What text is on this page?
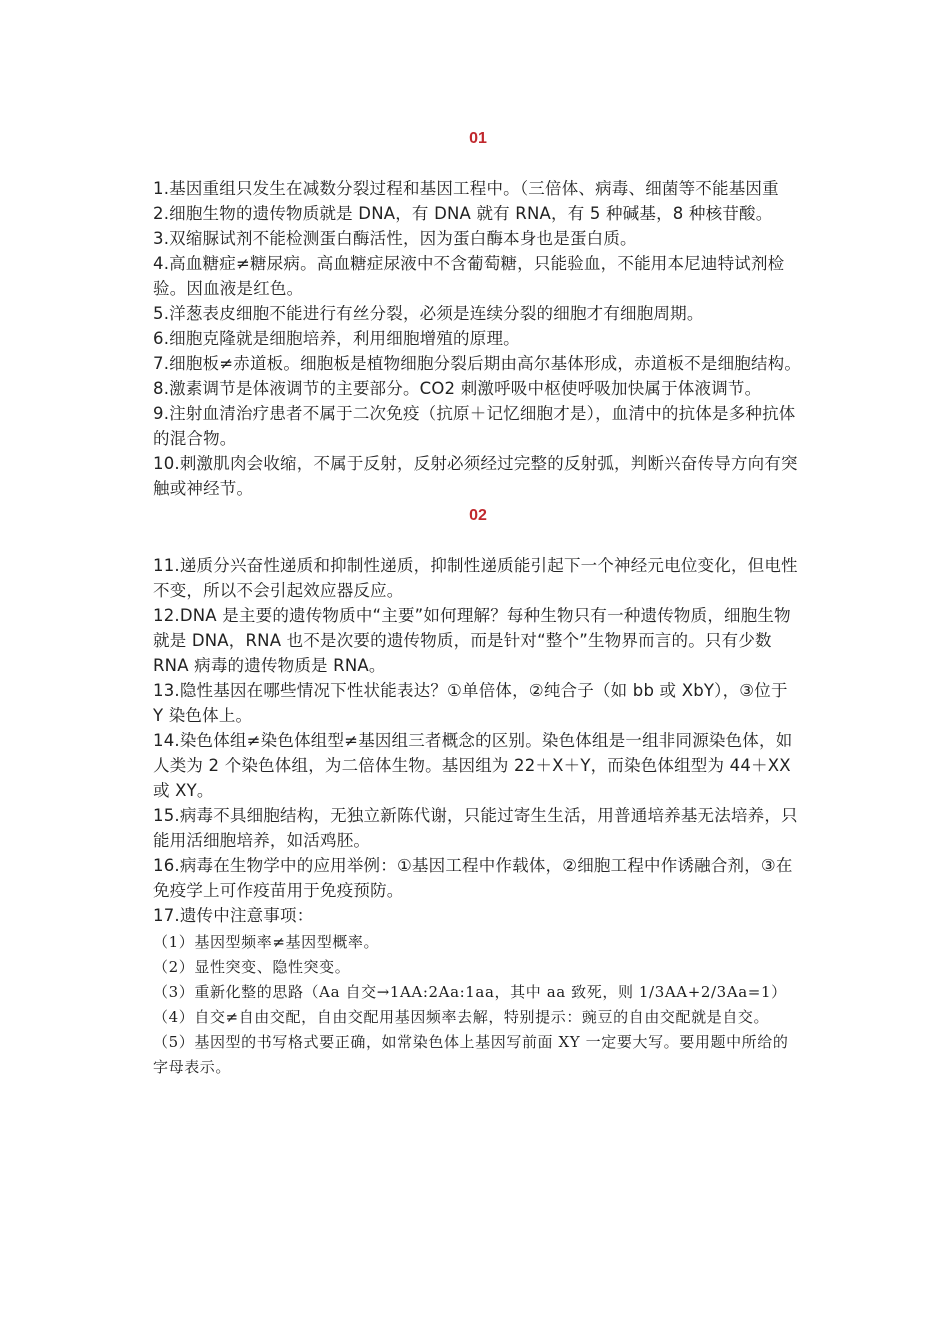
01

1.基因重组只发生在减数分裂过程和基因工程中。（三倍体、病毒、细菌等不能基因重

2.细胞生物的遗传物质就是 DNA，有 DNA 就有 RNA，有 5 种碱基，8 种核苷酸。

3.双缩脲试剂不能检测蛋白酶活性，因为蛋白酶本身也是蛋白质。

4.高血糖症≠糖尿病。高血糖症尿液中不含葡萄糖，只能验血，不能用本尼迪特试剂检验。因血液是红色。

5.洋葱表皮细胞不能进行有丝分裂，必须是连续分裂的细胞才有细胞周期。

6.细胞克隆就是细胞培养，利用细胞增殖的原理。

7.细胞板≠赤道板。细胞板是植物细胞分裂后期由高尔基体形成，赤道板不是细胞结构。

8.激素调节是体液调节的主要部分。CO2 刺激呼吸中枢使呼吸加快属于体液调节。

9.注射血清治疗患者不属于二次免疫（抗原＋记忆细胞才是），血清中的抗体是多种抗体的混合物。

10.刺激肌肉会收缩，不属于反射，反射必须经过完整的反射弧，判断兴奋传导方向有突触或神经节。

02

11.递质分兴奋性递质和抑制性递质，抑制性递质能引起下一个神经元电位变化，但电性不变，所以不会引起效应器反应。

12.DNA 是主要的遗传物质中“主要”如何理解？每种生物只有一种遗传物质，细胞生物就是 DNA，RNA 也不是次要的遗传物质，而是针对“整个”生物界而言的。只有少数 RNA 病毒的遗传物质是 RNA。

13.隐性基因在哪些情况下性状能表达？①单倍体，②纯合子（如 bb 或 XbY），③位于 Y 染色体上。

14.染色体组≠染色体组型≠基因组三者概念的区别。染色体组是一组非同源染色体，如人类为 2 个染色体组，为二倍体生物。基因组为 22＋X＋Y，而染色体组型为 44＋XX 或 XY。

15.病毒不具细胞结构，无独立新陈代谢，只能过寄生生活，用普通培养基无法培养，只能用活细胞培养，如活鸡胚。

16.病毒在生物学中的应用举例：①基因工程中作载体，②细胞工程中作诱融合剂，③在免疫学上可作疫苗用于免疫预防。

17.遗传中注意事项：

（1）基因型频率≠基因型概率。

（2）显性突变、隐性突变。

（3）重新化整的思路（Aa 自交→1AA:2Aa:1aa，其中 aa 致死，则 1/3AA+2/3Aa=1）

（4）自交≠自由交配，自由交配用基因频率去解，特别提示：豌豆的自由交配就是自交。

（5）基因型的书写格式要正确，如常染色体上基因写前面 XY 一定要大写。要用题中所给的字母表示。
